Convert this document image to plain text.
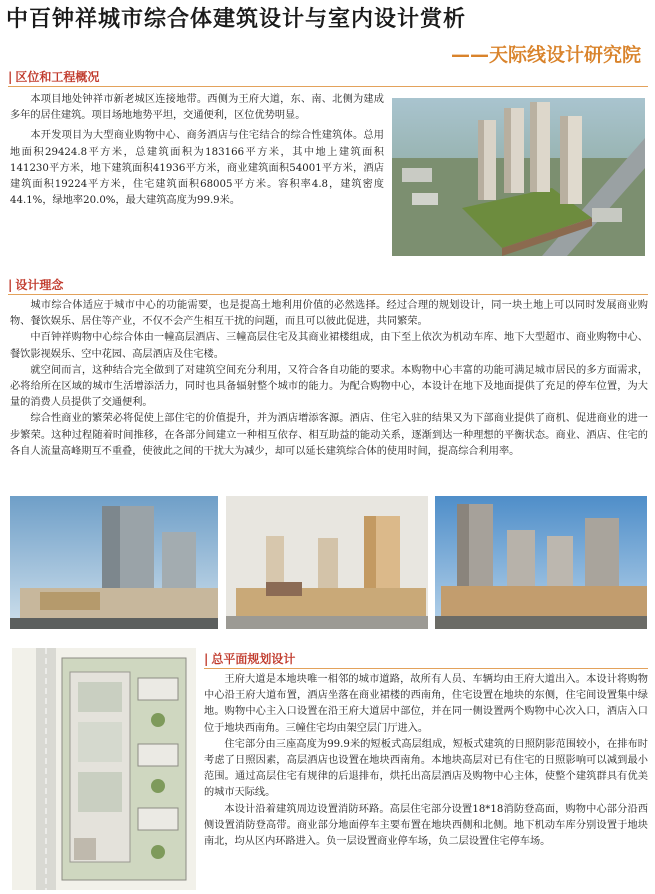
中百钟祥城市综合体建筑设计与室内设计赏析
——天际线设计研究院
| 区位和工程概况

本项目地处钟祥市新老城区连接地带。西侧为王府大道，东、南、北侧为建成多年的居住建筑。项目场地地势平坦，交通便利，区位优势明显。

本开发项目为大型商业购物中心、商务酒店与住宅结合的综合性建筑体。总用地面积29424.8平方米，总建筑面积为183166平方米，其中地上建筑面积141230平方米，地下建筑面积41936平方米，商业建筑面积54001平方米，酒店建筑面积19224平方米，住宅建筑面积68005平方米。容积率4.8，建筑密度44.1%，绿地率20.0%，最大建筑高度为99.9米。

| 设计理念

城市综合体适应于城市中心的功能需要，也是提高土地利用价值的必然选择。经过合理的规划设计，同一块土地上可以同时发展商业购物、餐饮娱乐、居住等产业，不仅不会产生相互干扰的问题，而且可以彼此促进，共同繁荣。

中百钟祥购物中心综合体由一幢高层酒店、三幢高层住宅及其商业裙楼组成，由下至上依次为机动车库、地下大型超市、商业购物中心、餐饮影视娱乐、空中花园、高层酒店及住宅楼。

就空间而言，这种结合完全做到了对建筑空间充分利用，又符合各自功能的要求。本购物中心丰富的功能可满足城市居民的多方面需求，必将给所在区域的城市生活增添活力，同时也具备辐射整个城市的能力。为配合购物中心，本设计在地下及地面提供了充足的停车位置，为大量的消费人员提供了交通便利。

综合性商业的繁荣必将促使上部住宅的价值提升，并为酒店增添客源。酒店、住宅入驻的结果又为下部商业提供了商机、促进商业的进一步繁荣。这种过程随着时间推移，在各部分间建立一种相互依存、相互助益的能动关系，逐渐到达一种理想的平衡状态。商业、酒店、住宅的各自人流量高峰期互不重叠，使彼此之间的干扰大为减少，却可以延长建筑综合体的使用时间，提高综合利用率。

| 总平面规划设计

王府大道是本地块唯一相邻的城市道路，故所有人员、车辆均由王府大道出入。本设计将购物中心沿王府大道布置，酒店坐落在商业裙楼的西南角，住宅设置在地块的东侧，住宅间设置集中绿地。购物中心主入口设置在沿王府大道居中部位，并在同一侧设置两个购物中心次入口，酒店入口位于地块西南角。三幢住宅均由架空层门厅进入。

住宅部分由三座高度为99.9米的短板式高层组成，短板式建筑的日照阴影范围较小，在排布时考虑了日照因素，高层酒店也设置在地块西南角。本地块高层对已有住宅的日照影响可以减到最小范围。通过高层住宅有规律的后退排布，烘托出高层酒店及购物中心主体，使整个建筑群具有优美的城市天际线。

本设计沿着建筑周边设置消防环路。高层住宅部分设置18*18消防登高面，购物中心部分沿西侧设置消防登高带。商业部分地面停车主要布置在地块西侧和北侧。地下机动车库分别设置于地块南北，均从区内环路进入。负一层设置商业停车场，负二层设置住宅停车场。
